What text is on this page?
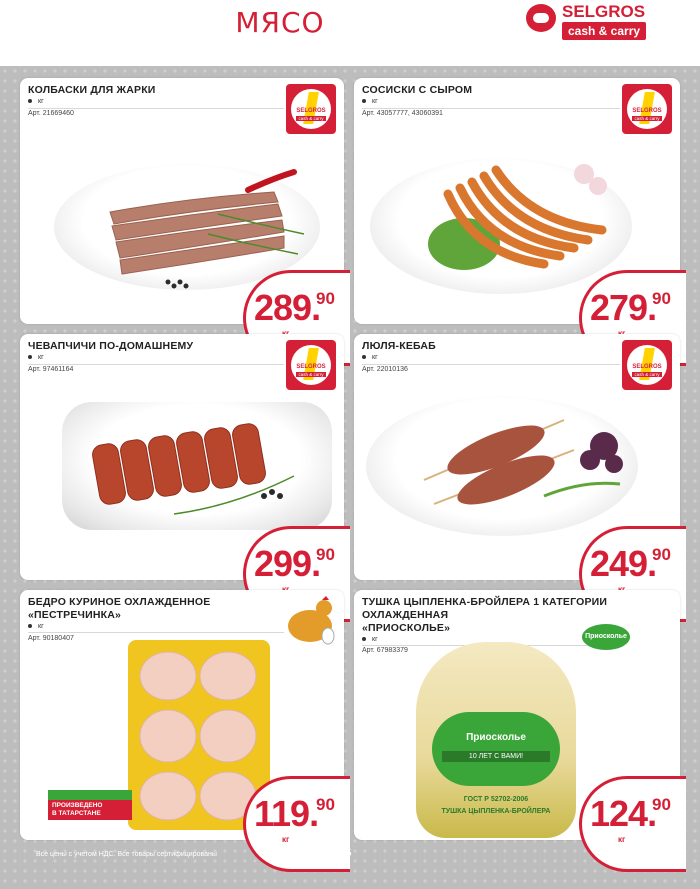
МЯСО	SELGROS
cash & carry
КОЛБАСКИ ДЛЯ ЖАРКИ
кг
Арт. 21669460	SELGROS
cash & carry
289.
90
СОСИСКИ С СЫРОМ
кг
Арт. 43057777, 43060391	SELGROS
cash & carry
279.
90
ЧЕВАПЧИЧИ ПО-ДОМАШНЕМУ
кг
Арт. 97461164	SELGROS
cash & carry
299.
90
ЛЮЛЯ-КЕБАБ
кг
Арт. 22010136	SELGROS
cash & carry
249.
90
БЕДРО КУРИНОЕ ОХЛАЖДЕННОЕ
«ПЕСТРЕЧИНКА»
кг
Арт. 90180407
ПРОИЗВЕДЕНО
В ТАТАРСТАНЕ	119.
90
кг
ТУШКА ЦЫПЛЕНКА-БРОЙЛЕРА 1 КАТЕГОРИИ
ОХЛАЖДЕННАЯ
«ПРИОСКОЛЬЕ»
кг
Арт. 67983379
Приосколье
Приосколье
10 ЛЕТ С ВАМИ!
ГОСТ Р 52702-2006
ТУШКА ЦЫПЛЕНКА-БРОЙЛЕРА	124.
90
кг
Все цены с учетом НДС. Все товары сертифицированы	5
